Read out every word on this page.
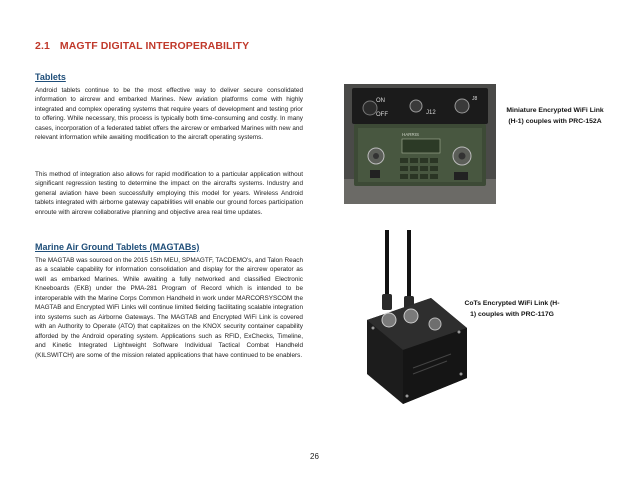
2.1 MAGTF DIGITAL INTEROPERABILITY
Tablets
Android tablets continue to be the most effective way to deliver secure consolidated information to aircrew and embarked Marines. New aviation platforms come with highly integrated and complex operating systems that require years of development and testing prior to offering. While necessary, this process is typically both time-consuming and costly. In many cases, incorporation of a federated tablet offers the aircrew or embarked Marines with new and relevant information while awaiting modification to the aircraft operating systems.
This method of integration also allows for rapid modification to a particular application without significant regression testing to determine the impact on the aircrafts systems. Industry and general aviation have been successfully employing this model for years. Wireless Android tablets integrated with airborne gateway capabilities will enable our ground forces participation enroute with aircrew collaborative planning and objective area real time updates.
Marine Air Ground Tablets (MAGTABs)
The MAGTAB was sourced on the 2015 15th MEU, SPMAGTF, TACDEMO's, and Talon Reach as a scalable capability for information consolidation and display for the aircrew operator as well as embarked Marines. While awaiting a fully networked and classified Electronic Kneeboards (EKB) under the PMA-281 Program of Record which is intended to be interoperable with the Marine Corps Common Handheld in work under MARCORSYSCOM the MAGTAB and Encrypted WiFi Links will continue limited fielding facilitating scalable integration into systems such as Airborne Gateways. The MAGTAB and Encrypted WiFi Link is covered with an Authority to Operate (ATO) that capitalizes on the KNOX security container capability afforded by the Android operating system. Applications such as RFID, ExChecks, Timeline, and Kinetic Integrated Lightweight Software Individual Tactical Combat Handheld (KILSWITCH) are some of the mission related applications that have continued to be enablers.
ON
OFF	J12
J8
HARRIS
Miniature Encrypted WiFi Link (H-1) couples with PRC-152A
CoTs Encrypted WiFi Link (H-1) couples with PRC-117G
26
